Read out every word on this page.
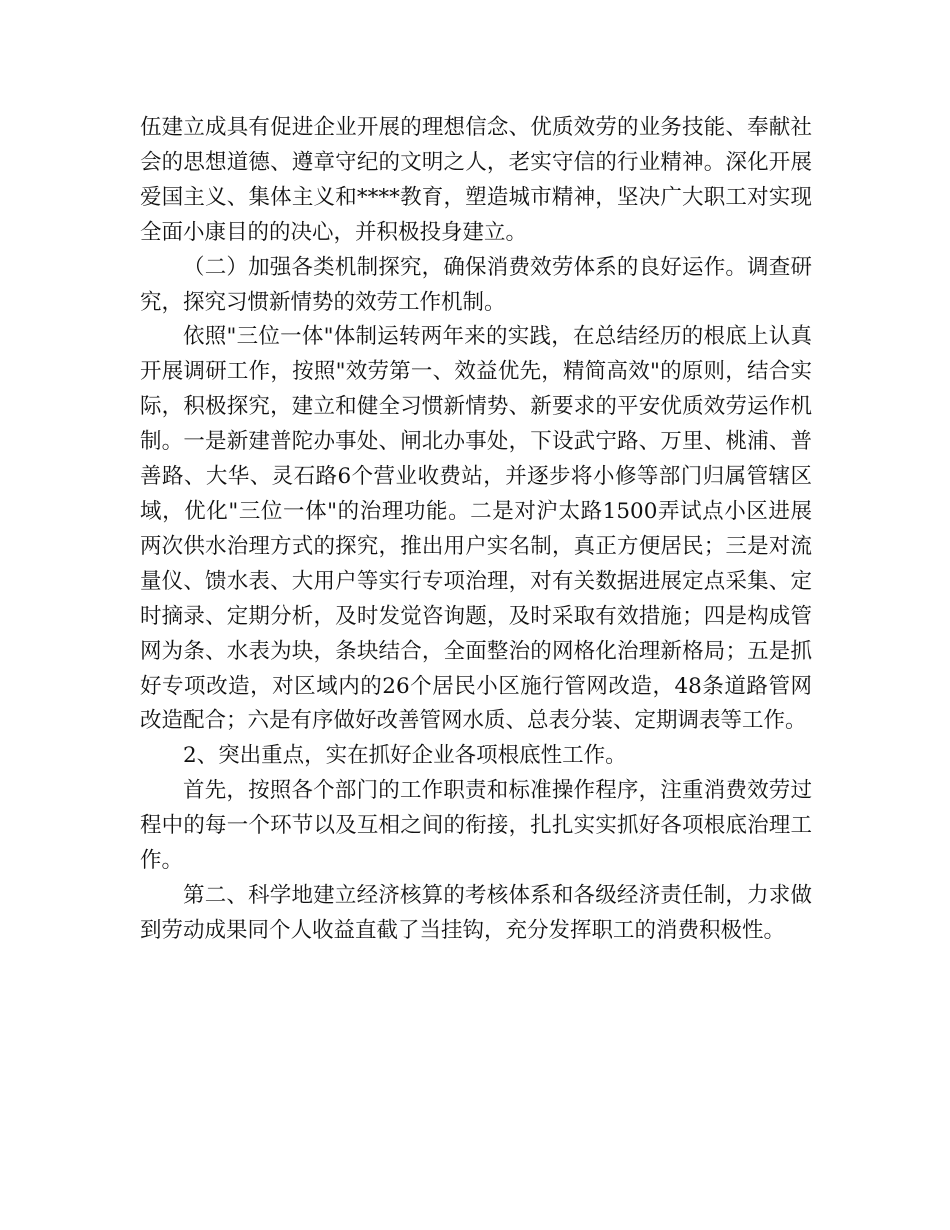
伍建立成具有促进企业开展的理想信念、优质效劳的业务技能、奉献社会的思想道德、遵章守纪的文明之人，老实守信的行业精神。深化开展爱国主义、集体主义和****教育，塑造城市精神，坚决广大职工对实现全面小康目的的决心，并积极投身建立。

（二）加强各类机制探究，确保消费效劳体系的良好运作。调查研究，探究习惯新情势的效劳工作机制。

依照"三位一体"体制运转两年来的实践，在总结经历的根底上认真开展调研工作，按照"效劳第一、效益优先，精简高效"的原则，结合实际，积极探究，建立和健全习惯新情势、新要求的平安优质效劳运作机制。一是新建普陀办事处、闸北办事处，下设武宁路、万里、桃浦、普善路、大华、灵石路6个营业收费站，并逐步将小修等部门归属管辖区域，优化"三位一体"的治理功能。二是对沪太路1500弄试点小区进展两次供水治理方式的探究，推出用户实名制，真正方便居民；三是对流量仪、馈水表、大用户等实行专项治理，对有关数据进展定点采集、定时摘录、定期分析，及时发觉咨询题，及时采取有效措施；四是构成管网为条、水表为块，条块结合，全面整治的网格化治理新格局；五是抓好专项改造，对区域内的26个居民小区施行管网改造，48条道路管网改造配合；六是有序做好改善管网水质、总表分装、定期调表等工作。

2、突出重点，实在抓好企业各项根底性工作。

首先，按照各个部门的工作职责和标准操作程序，注重消费效劳过程中的每一个环节以及互相之间的衔接，扎扎实实抓好各项根底治理工作。

第二、科学地建立经济核算的考核体系和各级经济责任制，力求做到劳动成果同个人收益直截了当挂钩，充分发挥职工的消费积极性。
